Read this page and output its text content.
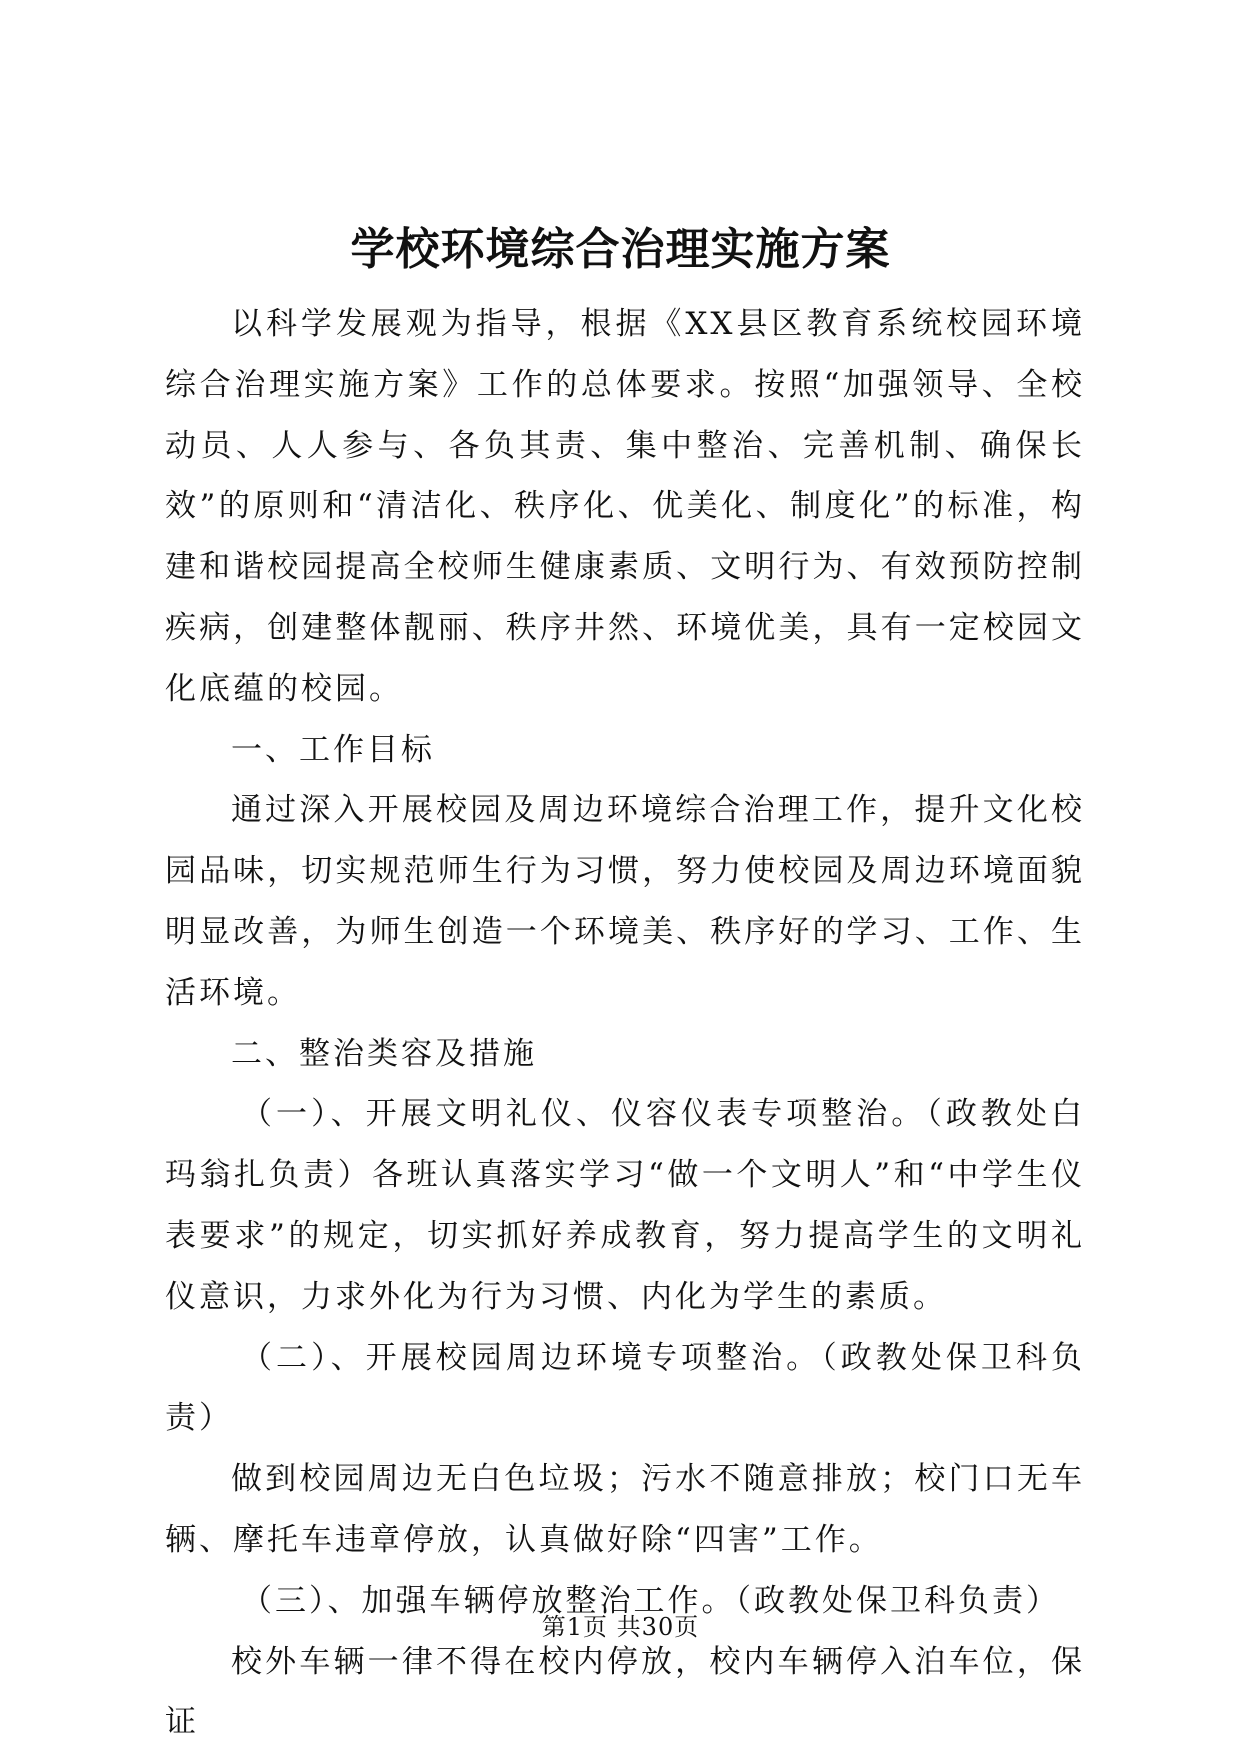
学校环境综合治理实施方案

以科学发展观为指导，根据《XX县区教育系统校园环境综合治理实施方案》工作的总体要求。按照“加强领导、全校动员、人人参与、各负其责、集中整治、完善机制、确保长效”的原则和“清洁化、秩序化、优美化、制度化”的标准，构建和谐校园提高全校师生健康素质、文明行为、有效预防控制疾病，创建整体靓丽、秩序井然、环境优美，具有一定校园文化底蕴的校园。

一、工作目标

通过深入开展校园及周边环境综合治理工作，提升文化校园品味，切实规范师生行为习惯，努力使校园及周边环境面貌明显改善，为师生创造一个环境美、秩序好的学习、工作、生活环境。

二、整治类容及措施

（一）、开展文明礼仪、仪容仪表专项整治。（政教处白玛翁扎负责）各班认真落实学习“做一个文明人”和“中学生仪表要求”的规定，切实抓好养成教育，努力提高学生的文明礼仪意识，力求外化为行为习惯、内化为学生的素质。

（二）、开展校园周边环境专项整治。（政教处保卫科负责）

做到校园周边无白色垃圾；污水不随意排放；校门口无车辆、摩托车违章停放，认真做好除“四害”工作。

（三）、加强车辆停放整治工作。（政教处保卫科负责）

校外车辆一律不得在校内停放，校内车辆停入泊车位，保证

第1页 共30页
